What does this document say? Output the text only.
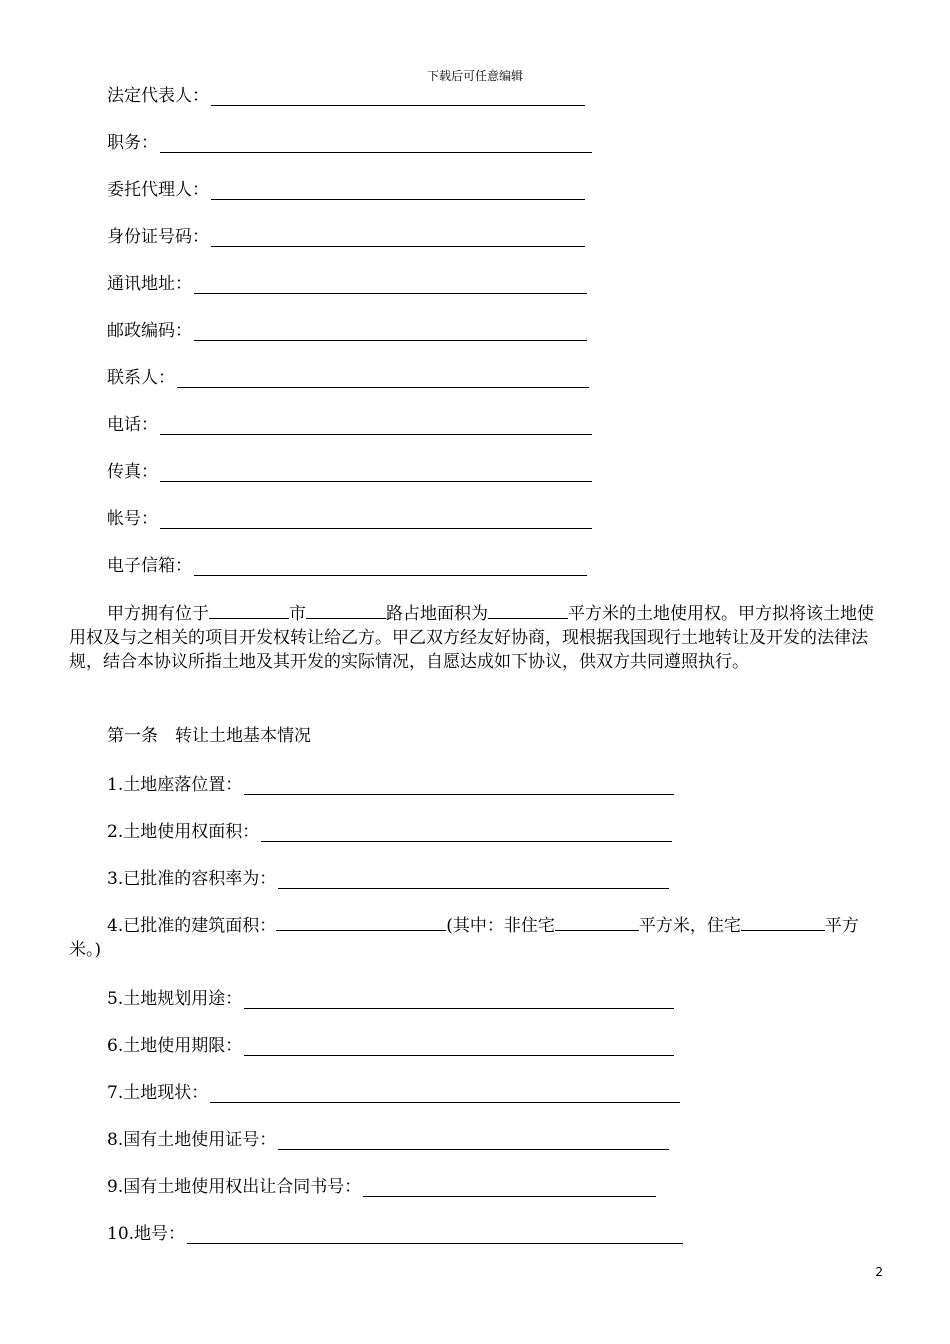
下载后可任意编辑
法定代表人：
职务：
委托代理人：
身份证号码：
通讯地址：
邮政编码：
联系人：
电话：
传真：
帐号：
电子信箱：
甲方拥有位于	市	路占地面积为	平方米的土地使用权。甲方拟将该土地使用权及与之相关的项目开发权转让给乙方。甲乙双方经友好协商，现根据我国现行土地转让及开发的法律法规，结合本协议所指土地及其开发的实际情况，自愿达成如下协议，供双方共同遵照执行。
第一条　转让土地基本情况
1.土地座落位置：
2.土地使用权面积：
3.已批准的容积率为：
4.已批准的建筑面积：	(其中：非住宅	平方米，住宅	平方米。)
5.土地规划用途：
6.土地使用期限：
7.土地现状：
8.国有土地使用证号：
9.国有土地使用权出让合同书号：
10.地号：
2
